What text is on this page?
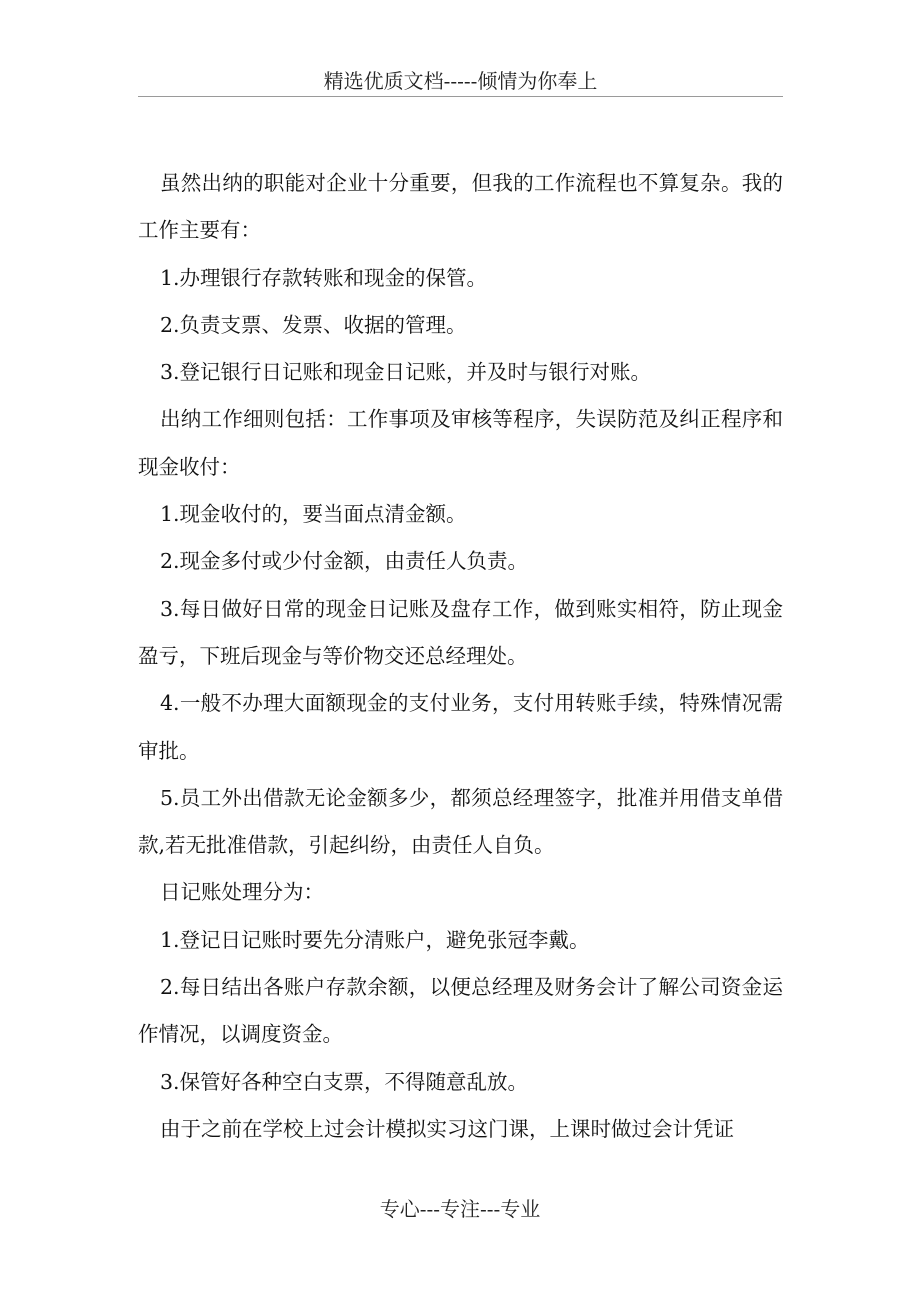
精选优质文档-----倾情为你奉上

虽然出纳的职能对企业十分重要，但我的工作流程也不算复杂。我的工作主要有：

1.办理银行存款转账和现金的保管。

2.负责支票、发票、收据的管理。

3.登记银行日记账和现金日记账，并及时与银行对账。

出纳工作细则包括：工作事项及审核等程序，失误防范及纠正程序和现金收付：

1.现金收付的，要当面点清金额。

2.现金多付或少付金额，由责任人负责。

3.每日做好日常的现金日记账及盘存工作，做到账实相符，防止现金盈亏，下班后现金与等价物交还总经理处。

4.一般不办理大面额现金的支付业务，支付用转账手续，特殊情况需审批。

5.员工外出借款无论金额多少，都须总经理签字，批准并用借支单借款,若无批准借款，引起纠纷，由责任人自负。

日记账处理分为：

1.登记日记账时要先分清账户，避免张冠李戴。

2.每日结出各账户存款余额，以便总经理及财务会计了解公司资金运作情况，以调度资金。

3.保管好各种空白支票，不得随意乱放。

由于之前在学校上过会计模拟实习这门课，上课时做过会计凭证

专心---专注---专业
